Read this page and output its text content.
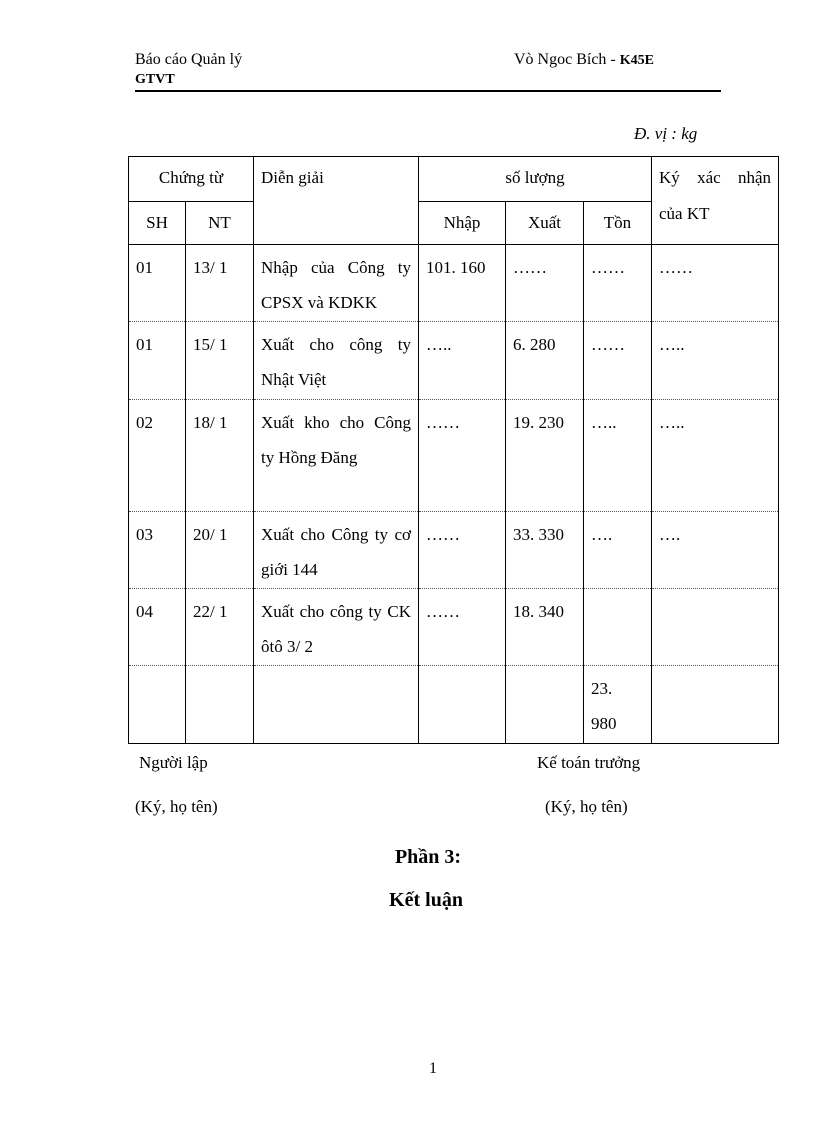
Báo cáo Quản lý
GTVT
Vò Ngoc Bích - K45E
Đ. vị : kg
Chứng từ		Diễn giải	số lượng			Ký xác nhận của KT
SH	NT		Nhập	Xuất	Tồn	
01	13/ 1	Nhập của Công ty CPSX và KDKK	101. 160	……	……	……
01	15/ 1	Xuất cho công ty Nhật Việt	…..	6. 280	……	…..
02	18/ 1	Xuất kho cho Công ty Hồng Đăng	……	19. 230	…..	…..
03	20/ 1	Xuất cho Công ty cơ giới 144	……	33. 330	….	….
04	22/ 1	Xuất cho công ty CK ôtô 3/ 2	……	18. 340		
					23. 980	
Người lập
(Ký, họ tên)
Kế toán trưởng
(Ký, họ tên)
Phần 3:
Kết luận
1
